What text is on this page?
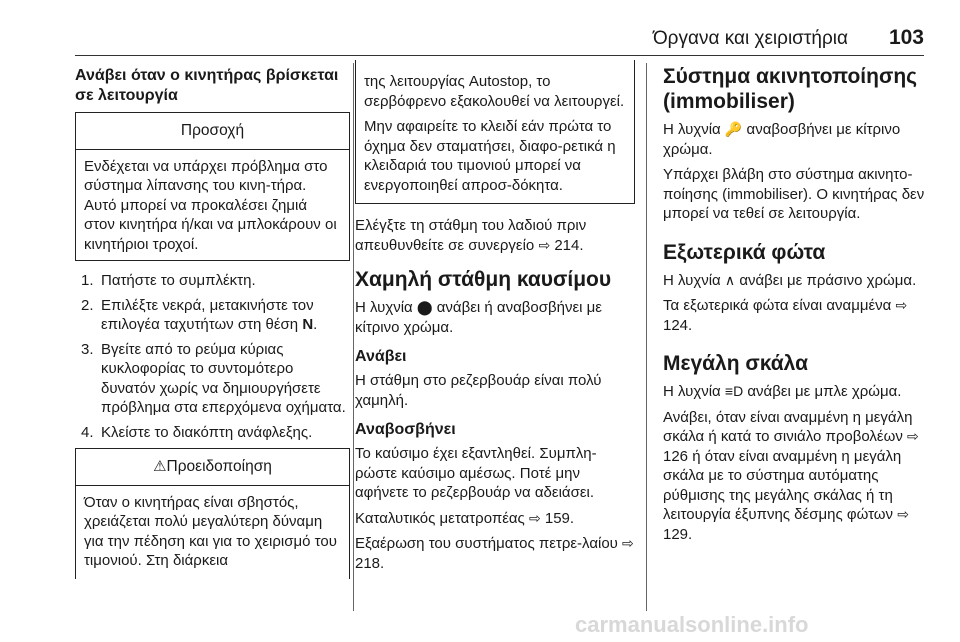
Όργανα και χειριστήρια 103
Ανάβει όταν ο κινητήρας βρίσκεται σε λειτουργία
Προσοχή
Ενδέχεται να υπάρχει πρόβλημα στο σύστημα λίπανσης του κινη-τήρα. Αυτό μπορεί να προκαλέσει ζημιά στον κινητήρα ή/και να μπλοκάρουν οι κινητήριοι τροχοί.
1. Πατήστε το συμπλέκτη.
2. Επιλέξτε νεκρά, μετακινήστε τον επιλογέα ταχυτήτων στη θέση N.
3. Βγείτε από το ρεύμα κύριας κυκλοφορίας το συντομότερο δυνατόν χωρίς να δημιουργήσετε πρόβλημα στα επερχόμενα οχήματα.
4. Κλείστε το διακόπτη ανάφλεξης.
⚠Προειδοποίηση
Όταν ο κινητήρας είναι σβηστός, χρειάζεται πολύ μεγαλύτερη δύναμη για την πέδηση και για το χειρισμό του τιμονιού. Στη διάρκεια

της λειτουργίας Autostop, το σερβόφρενο εξακολουθεί να λειτουργεί.

Μην αφαιρείτε το κλειδί εάν πρώτα το όχημα δεν σταματήσει, διαφο-ρετικά η κλειδαριά του τιμονιού μπορεί να ενεργοποιηθεί απροσ-δόκητα.

Ελέγξτε τη στάθμη του λαδιού πριν απευθυνθείτε σε συνεργείο ⇨ 214.

Χαμηλή στάθμη καυσίμου

Η λυχνία ⬤ ανάβει ή αναβοσβήνει με κίτρινο χρώμα.

Ανάβει

Η στάθμη στο ρεζερβουάρ είναι πολύ χαμηλή.

Αναβοσβήνει

Το καύσιμο έχει εξαντληθεί. Συμπλη-ρώστε καύσιμο αμέσως. Ποτέ μην αφήνετε το ρεζερβουάρ να αδειάσει.

Καταλυτικός μετατροπέας ⇨ 159.

Εξαέρωση του συστήματος πετρε-λαίου ⇨ 218.

Σύστημα ακινητοποίησης (immobiliser)

Η λυχνία 🔑 αναβοσβήνει με κίτρινο χρώμα.

Υπάρχει βλάβη στο σύστημα ακινητο-ποίησης (immobiliser). Ο κινητήρας δεν μπορεί να τεθεί σε λειτουργία.

Εξωτερικά φώτα

Η λυχνία ∧ ανάβει με πράσινο χρώμα.

Τα εξωτερικά φώτα είναι αναμμένα ⇨ 124.

Μεγάλη σκάλα

Η λυχνία ≡D ανάβει με μπλε χρώμα.

Ανάβει, όταν είναι αναμμένη η μεγάλη σκάλα ή κατά το σινιάλο προβολέων ⇨ 126 ή όταν είναι αναμμένη η μεγάλη σκάλα με το σύστημα αυτόματης ρύθμισης της μεγάλης σκάλας ή τη λειτουργία έξυπνης δέσμης φώτων ⇨ 129.

carmanualsonline.info
